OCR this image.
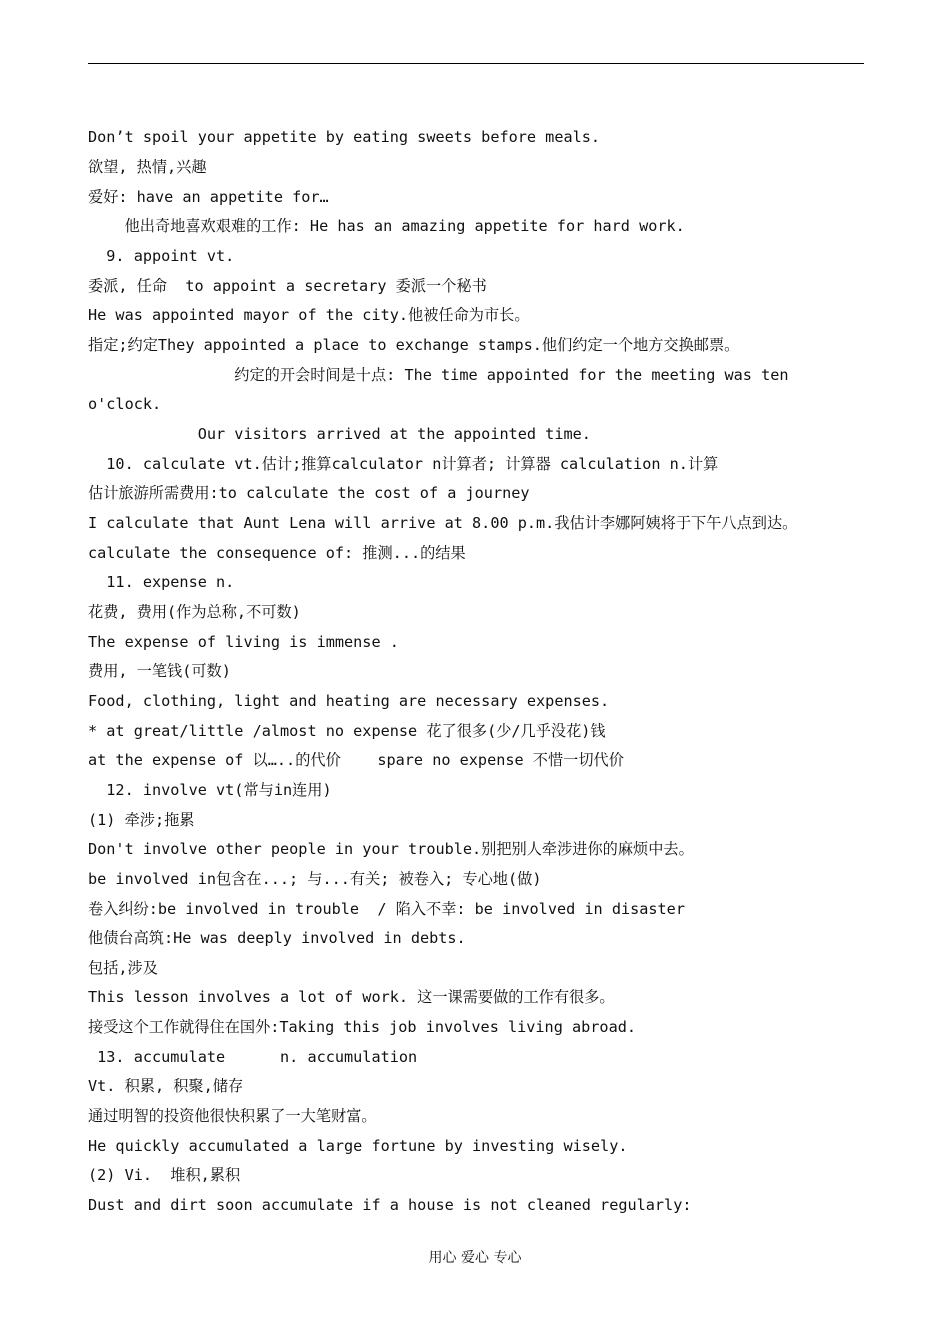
Don’t spoil your appetite by eating sweets before meals.
欲望, 热情,兴趣
爱好: have an appetite for…
他出奇地喜欢艰难的工作: He has an amazing appetite for hard work.
9. appoint vt.
委派, 任命  to appoint a secretary 委派一个秘书
He was appointed mayor of the city.他被任命为市长。
指定;约定They appointed a place to exchange stamps.他们约定一个地方交换邮票。
约定的开会时间是十点: The time appointed for the meeting was ten
o'clock.
Our visitors arrived at the appointed time.
10. calculate vt.估计;推算calculator n计算者; 计算器 calculation n.计算
估计旅游所需费用:to calculate the cost of a journey
I calculate that Aunt Lena will arrive at 8.00 p.m.我估计李娜阿姨将于下午八点到达。
calculate the consequence of: 推测...的结果
11. expense n.
花费, 费用(作为总称,不可数)
The expense of living is immense .
费用, 一笔钱(可数)
Food, clothing, light and heating are necessary expenses.
* at great/little /almost no expense 花了很多(少/几乎没花)钱
at the expense of 以…..的代价    spare no expense 不惜一切代价
12. involve vt(常与in连用)
(1) 牵涉;拖累
Don't involve other people in your trouble.别把别人牵涉进你的麻烦中去。
be involved in包含在...; 与...有关; 被卷入; 专心地(做)
卷入纠纷:be involved in trouble  / 陷入不幸: be involved in disaster
他债台高筑:He was deeply involved in debts.
包括,涉及
This lesson involves a lot of work. 这一课需要做的工作有很多。
接受这个工作就得住在国外:Taking this job involves living abroad.
13. accumulate      n. accumulation
Vt. 积累, 积聚,储存
通过明智的投资他很快积累了一大笔财富。
He quickly accumulated a large fortune by investing wisely.
(2) Vi.  堆积,累积
Dust and dirt soon accumulate if a house is not cleaned regularly:
用心 爱心 专心
